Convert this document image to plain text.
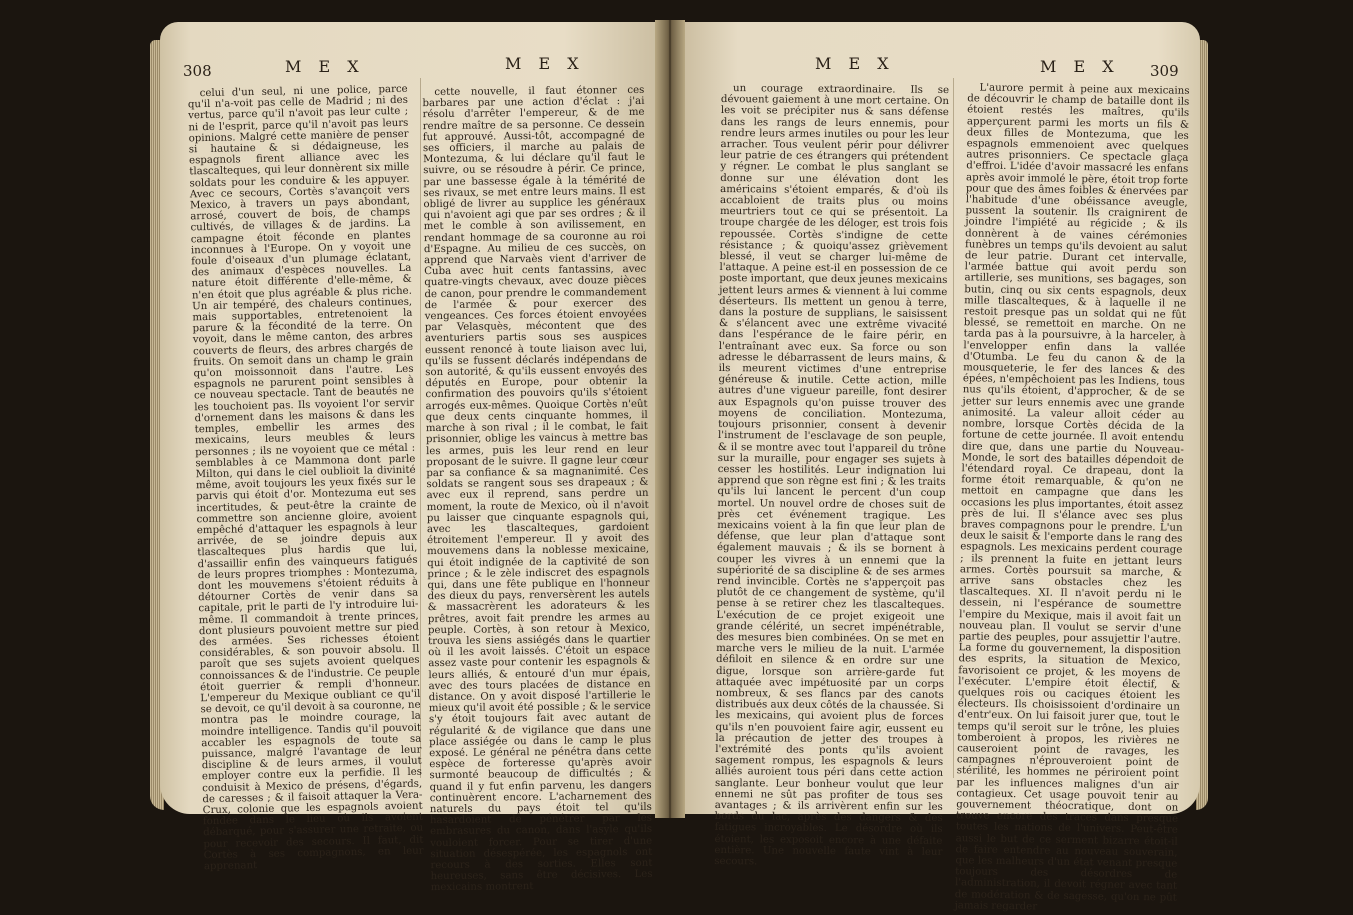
308	M E X	M E X	M E X	M E X 309

celui d'un seul, ni une police, parce qu'il n'a-voit pas celle de Madrid ; ni des vertus, parce qu'il n'avoit pas leur culte ; ni de l'esprit, parce qu'il n'avoit pas leurs opinions. Malgré cette manière de penser si hautaine & si dédaigneuse, les espagnols firent alliance avec les tlascalteques, qui leur donnèrent six mille soldats pour les conduire & les appuyer. Avec ce secours, Cortès s'avançoit vers Mexico, à travers un pays abondant, arrosé, couvert de bois, de champs cultivés, de villages & de jardins. La campagne étoit féconde en plantes inconnues à l'Europe. On y voyoit une foule d'oiseaux d'un plumage éclatant, des animaux d'espèces nouvelles. La nature étoit différente d'elle-même, & n'en étoit que plus agréable & plus riche. Un air tempéré, des chaleurs continues, mais supportables, entretenoient la parure & la fécondité de la terre. On voyoit, dans le même canton, des arbres couverts de fleurs, des arbres chargés de fruits. On semoit dans un champ le grain qu'on moissonnoit dans l'autre. Les espagnols ne parurent point sensibles à ce nouveau spectacle. Tant de beautés ne les touchoient pas. Ils voyoient l'or servir d'ornement dans les maisons & dans les temples, embellir les armes des mexicains, leurs meubles & leurs personnes ; ils ne voyoient que ce métal : semblables à ce Mammona dont parle Milton, qui dans le ciel oublioit la divinité même, avoit toujours les yeux fixés sur le parvis qui étoit d'or. Montezuma eut ses incertitudes, & peut-être la crainte de commettre son ancienne gloire, avoient empêché d'attaquer les espagnols à leur arrivée, de se joindre depuis aux tlascalteques plus hardis que lui, d'assaillir enfin des vainqueurs fatigués de leurs propres triomphes : Montezuma, dont les mouvemens s'étoient réduits à détourner Cortès de venir dans sa capitale, prit le parti de l'y introduire lui-même. Il commandoit à trente princes, dont plusieurs pouvoient mettre sur pied des armées. Ses richesses étoient considérables, & son pouvoir absolu. Il paroît que ses sujets avoient quelques connoissances & de l'industrie. Ce peuple étoit guerrier & rempli d'honneur. L'empereur du Mexique oubliant ce qu'il se devoit, ce qu'il devoit à sa couronne, ne montra pas le moindre courage, la moindre intelligence. Tandis qu'il pouvoit accabler les espagnols de toute sa puissance, malgré l'avantage de leur discipline & de leurs armes, il voulut employer contre eux la perfidie. Il les conduisit à Mexico de présens, d'égards, de caresses ; & il faisoit attaquer la Vera-Crux, colonie que les espagnols avoient fondée dans le lieu où ils avoient débarqué, pour s'assurer une retraite, ou pour recevoir des secours. Il faut, dit Cortès à ses compagnons, en leur apprenant

cette nouvelle, il faut étonner ces barbares par une action d'éclat : j'ai résolu d'arrêter l'empereur, & de me rendre maître de sa personne. Ce dessein fut approuvé. Aussi-tôt, accompagné de ses officiers, il marche au palais de Montezuma, & lui déclare qu'il faut le suivre, ou se résoudre à périr. Ce prince, par une bassesse égale à la témérité de ses rivaux, se met entre leurs mains. Il est obligé de livrer au supplice les généraux qui n'avoient agi que par ses ordres ; & il met le comble à son avilissement, en rendant hommage de sa couronne au roi d'Espagne. Au milieu de ces succès, on apprend que Narvaès vient d'arriver de Cuba avec huit cents fantassins, avec quatre-vingts chevaux, avec douze pièces de canon, pour prendre le commandement de l'armée & pour exercer des vengeances. Ces forces étoient envoyées par Velasquès, mécontent que des aventuriers partis sous ses auspices eussent renoncé à toute liaison avec lui, qu'ils se fussent déclarés indépendans de son autorité, & qu'ils eussent envoyés des députés en Europe, pour obtenir la confirmation des pouvoirs qu'ils s'étoient arrogés eux-mêmes. Quoique Cortès n'eût que deux cents cinquante hommes, il marche à son rival ; il le combat, le fait prisonnier, oblige les vaincus à mettre bas les armes, puis les leur rend en leur proposant de le suivre. Il gagne leur cœur par sa confiance & sa magnanimité. Ces soldats se rangent sous ses drapeaux ; & avec eux il reprend, sans perdre un moment, la route de Mexico, où il n'avoit pu laisser que cinquante espagnols qui, avec les tlascalteques, gardoient étroitement l'empereur. Il y avoit des mouvemens dans la noblesse mexicaine, qui étoit indignée de la captivité de son prince ; & le zèle indiscret des espagnols qui, dans une fête publique en l'honneur des dieux du pays, renversèrent les autels & massacrèrent les adorateurs & les prêtres, avoit fait prendre les armes au peuple. Cortès, à son retour à Mexico, trouva les siens assiégés dans le quartier où il les avoit laissés. C'étoit un espace assez vaste pour contenir les espagnols & leurs alliés, & entouré d'un mur épais, avec des tours placées de distance en distance. On y avoit disposé l'artillerie le mieux qu'il avoit été possible ; & le service s'y étoit toujours fait avec autant de régularité & de vigilance que dans une place assiégée ou dans le camp le plus exposé. Le général ne pénétra dans cette espèce de forteresse qu'après avoir surmonté beaucoup de difficultés ; & quand il y fut enfin parvenu, les dangers continuèrent encore. L'acharnement des naturels du pays étoit tel qu'ils hasardoient de pénétrer par les embrasures du canon, dans l'asyle qu'ils vouloient forcer. Pour se tirer d'une situation désespérée, les espagnols ont recours à des sorties. Elles sont heureuses, sans être décisives. Les mexicains montrent

un courage extraordinaire. Ils se dévouent gaiement à une mort certaine. On les voit se précipiter nus & sans défense dans les rangs de leurs ennemis, pour rendre leurs armes inutiles ou pour les leur arracher. Tous veulent périr pour délivrer leur patrie de ces étrangers qui prétendent y régner. Le combat le plus sanglant se donne sur une élévation dont les américains s'étoient emparés, & d'où ils accabloient de traits plus ou moins meurtriers tout ce qui se présentoit. La troupe chargée de les déloger, est trois fois repoussée. Cortès s'indigne de cette résistance ; & quoiqu'assez grièvement blessé, il veut se charger lui-même de l'attaque. A peine est-il en possession de ce poste important, que deux jeunes mexicains jettent leurs armes & viennent à lui comme déserteurs. Ils mettent un genou à terre, dans la posture de supplians, le saisissent & s'élancent avec une extrême vivacité dans l'espérance de le faire périr, en l'entraînant avec eux. Sa force ou son adresse le débarrassent de leurs mains, & ils meurent victimes d'une entreprise généreuse & inutile. Cette action, mille autres d'une vigueur pareille, font desirer aux Espagnols qu'on puisse trouver des moyens de conciliation. Montezuma, toujours prisonnier, consent à devenir l'instrument de l'esclavage de son peuple, & il se montre avec tout l'appareil du trône sur la muraille, pour engager ses sujets à cesser les hostilités. Leur indignation lui apprend que son règne est fini ; & les traits qu'ils lui lancent le percent d'un coup mortel. Un nouvel ordre de choses suit de près cet événement tragique. Les mexicains voient à la fin que leur plan de défense, que leur plan d'attaque sont également mauvais ; & ils se bornent à couper les vivres à un ennemi que la supériorité de sa discipline & de ses armes rend invincible. Cortès ne s'apperçoit pas plutôt de ce changement de système, qu'il pense à se retirer chez les tlascalteques. L'exécution de ce projet exigeoit une grande célérité, un secret impénétrable, des mesures bien combinées. On se met en marche vers le milieu de la nuit. L'armée défiloit en silence & en ordre sur une digue, lorsque son arrière-garde fut attaquée avec impétuosité par un corps nombreux, & ses flancs par des canots distribués aux deux côtés de la chaussée. Si les mexicains, qui avoient plus de forces qu'ils n'en pouvoient faire agir, eussent eu la précaution de jetter des troupes à l'extrémité des ponts qu'ils avoient sagement rompus, les espagnols & leurs alliés auroient tous péri dans cette action sanglante. Leur bonheur voulut que leur ennemi ne sût pas profiter de tous ses avantages ; & ils arrivèrent enfin sur les bords du lac, après des dangers & des fatigues incroyables. Le désordre où ils étoient, les exposoit encore à une défaite entière. Une nouvelle faute vint à leur secours.

L'aurore permit à peine aux mexicains de découvrir le champ de bataille dont ils étoient restés les maîtres, qu'ils apperçurent parmi les morts un fils & deux filles de Montezuma, que les espagnols emmenoient avec quelques autres prisonniers. Ce spectacle glaça d'effroi. L'idée d'avoir massacré les enfans après avoir immolé le père, étoit trop forte pour que des âmes foibles & énervées par l'habitude d'une obéissance aveugle, pussent la soutenir. Ils craignirent de joindre l'impiété au régicide ; & ils donnèrent à de vaines cérémonies funèbres un temps qu'ils devoient au salut de leur patrie. Durant cet intervalle, l'armée battue qui avoit perdu son artillerie, ses munitions, ses bagages, son butin, cinq ou six cents espagnols, deux mille tlascalteques, & à laquelle il ne restoit presque pas un soldat qui ne fût blessé, se remettoit en marche. On ne tarda pas à la poursuivre, à la harceler, à l'envelopper enfin dans la vallée d'Otumba. Le feu du canon & de la mousqueterie, le fer des lances & des épées, n'empêchoient pas les Indiens, tous nus qu'ils étoient, d'approcher, & de se jetter sur leurs ennemis avec une grande animosité. La valeur alloit céder au nombre, lorsque Cortès décida de la fortune de cette journée. Il avoit entendu dire que, dans une partie du Nouveau-Monde, le sort des batailles dépendoit de l'étendard royal. Ce drapeau, dont la forme étoit remarquable, & qu'on ne mettoit en campagne que dans les occasions les plus importantes, étoit assez près de lui. Il s'élance avec ses plus braves compagnons pour le prendre. L'un deux le saisit & l'emporte dans le rang des espagnols. Les mexicains perdent courage ; ils prennent la fuite en jettant leurs armes. Cortès poursuit sa marche, & arrive sans obstacles chez les tlascalteques. XI. Il n'avoit perdu ni le dessein, ni l'espérance de soumettre l'empire du Mexique, mais il avoit fait un nouveau plan. Il voulut se servir d'une partie des peuples, pour assujettir l'autre. La forme du gouvernement, la disposition des esprits, la situation de Mexico, favorisoient ce projet, & les moyens de l'exécuter. L'empire étoit électif, & quelques rois ou caciques étoient les électeurs. Ils choisissoient d'ordinaire un d'entr'eux. On lui faisoit jurer que, tout le temps qu'il seroit sur le trône, les pluies tomberoient à propos, les rivières ne causeroient point de ravages, les campagnes n'éprouveroient point de stérilité, les hommes ne périroient point par les influences malignes d'un air contagieux. Cet usage pouvoit tenir au gouvernement théocratique, dont on trouve encore des traces dans presque toutes les nations de l'univers. Peut-être aussi le but de ce serment bizarre étoit-il de faire entendre au nouveau souverain, que les malheurs d'un état venant presque toujours des désordres de l'administration, il devoit régner avec tant de modération & de sagesse, qu'on ne pût jamais regarder
